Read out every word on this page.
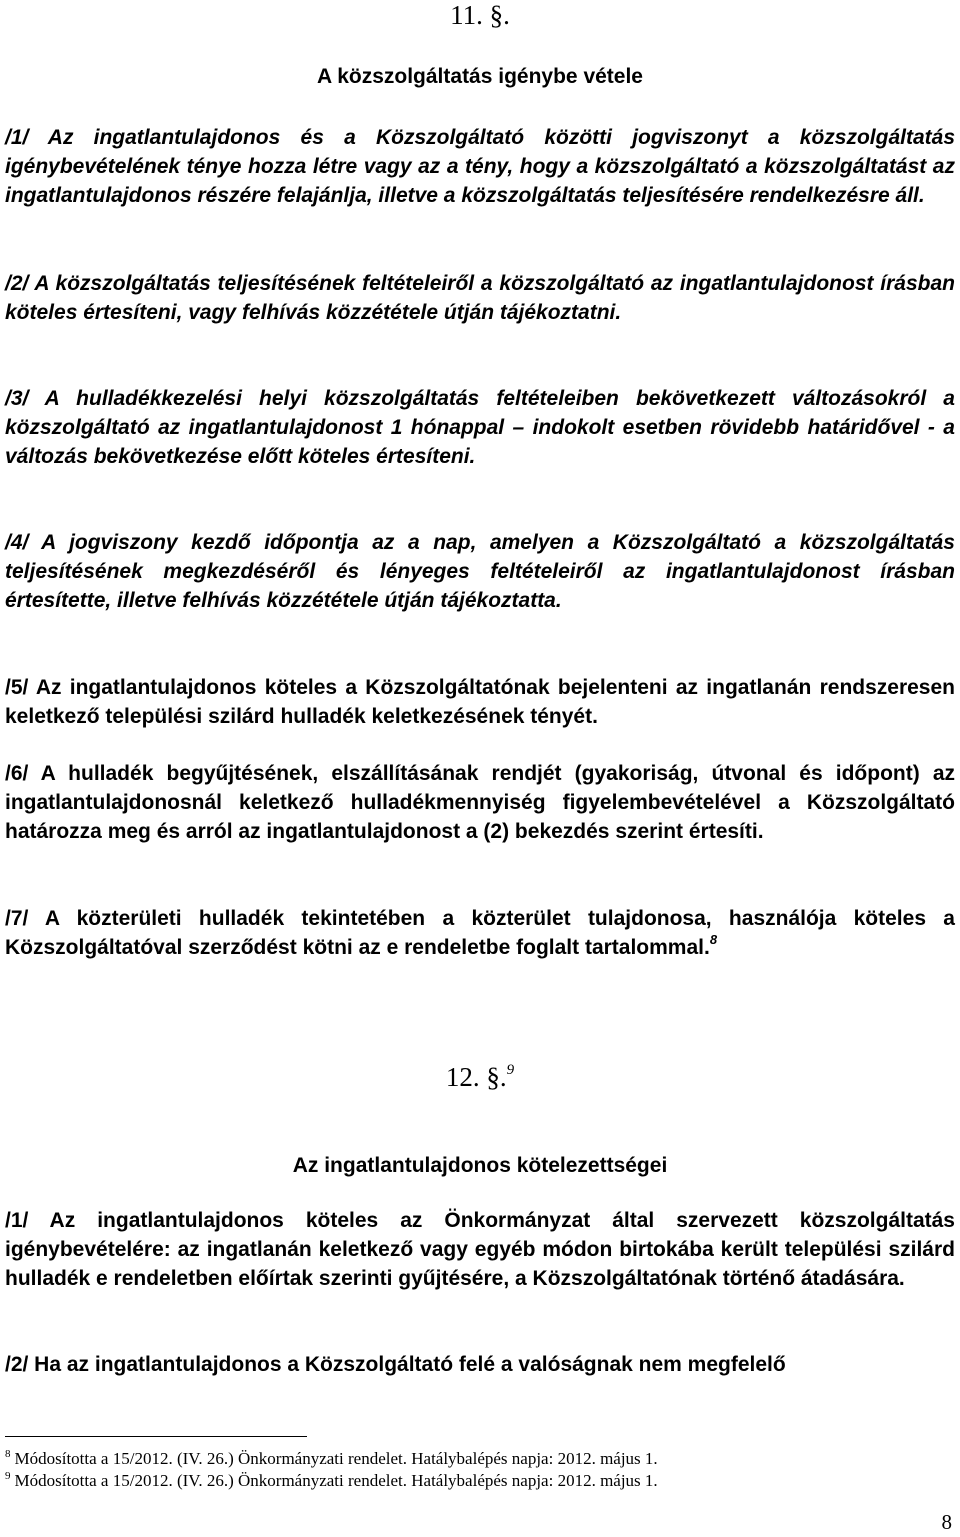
11. §.
A közszolgáltatás igénybe vétele

/1/ Az ingatlantulajdonos és a Közszolgáltató közötti jogviszonyt a közszolgáltatás igénybevételének ténye hozza létre vagy az a tény, hogy a közszolgáltató a közszolgáltatást az ingatlantulajdonos részére felajánlja, illetve a közszolgáltatás teljesítésére rendelkezésre áll.

/2/ A közszolgáltatás teljesítésének feltételeiről a közszolgáltató az ingatlantulajdonost írásban köteles értesíteni, vagy felhívás közzététele útján tájékoztatni.

/3/ A hulladékkezelési helyi közszolgáltatás feltételeiben bekövetkezett változásokról a közszolgáltató az ingatlantulajdonost 1 hónappal – indokolt esetben rövidebb határidővel - a változás bekövetkezése előtt köteles értesíteni.

/4/ A jogviszony kezdő időpontja az a nap, amelyen a Közszolgáltató a közszolgáltatás teljesítésének megkezdéséről és lényeges feltételeiről az ingatlantulajdonost írásban értesítette, illetve felhívás közzététele útján tájékoztatta.

/5/ Az ingatlantulajdonos köteles a Közszolgáltatónak bejelenteni az ingatlanán rendszeresen keletkező települési szilárd hulladék keletkezésének tényét.

/6/ A hulladék begyűjtésének, elszállításának rendjét (gyakoriság, útvonal és időpont) az ingatlantulajdonosnál keletkező hulladékmennyiség figyelembevételével a Közszolgáltató határozza meg és arról az ingatlantulajdonost a (2) bekezdés szerint értesíti.

/7/ A közterületi hulladék tekintetében a közterület tulajdonosa, használója köteles a Közszolgáltatóval szerződést kötni az e rendeletbe foglalt tartalommal.$^8$

12. §.$^9$
Az ingatlantulajdonos kötelezettségei

/1/ Az ingatlantulajdonos köteles az Önkormányzat által szervezett közszolgáltatás igénybevételére: az ingatlanán keletkező vagy egyéb módon birtokába került települési szilárd hulladék e rendeletben előírtak szerinti gyűjtésére, a Közszolgáltatónak történő átadására.

/2/ Ha az ingatlantulajdonos a Közszolgáltató felé a valóságnak nem megfelelő

$^8$ Módosította a 15/2012. (IV. 26.) Önkormányzati rendelet. Hatálybalépés napja: 2012. május 1.
$^9$ Módosította a 15/2012. (IV. 26.) Önkormányzati rendelet. Hatálybalépés napja: 2012. május 1.
8
